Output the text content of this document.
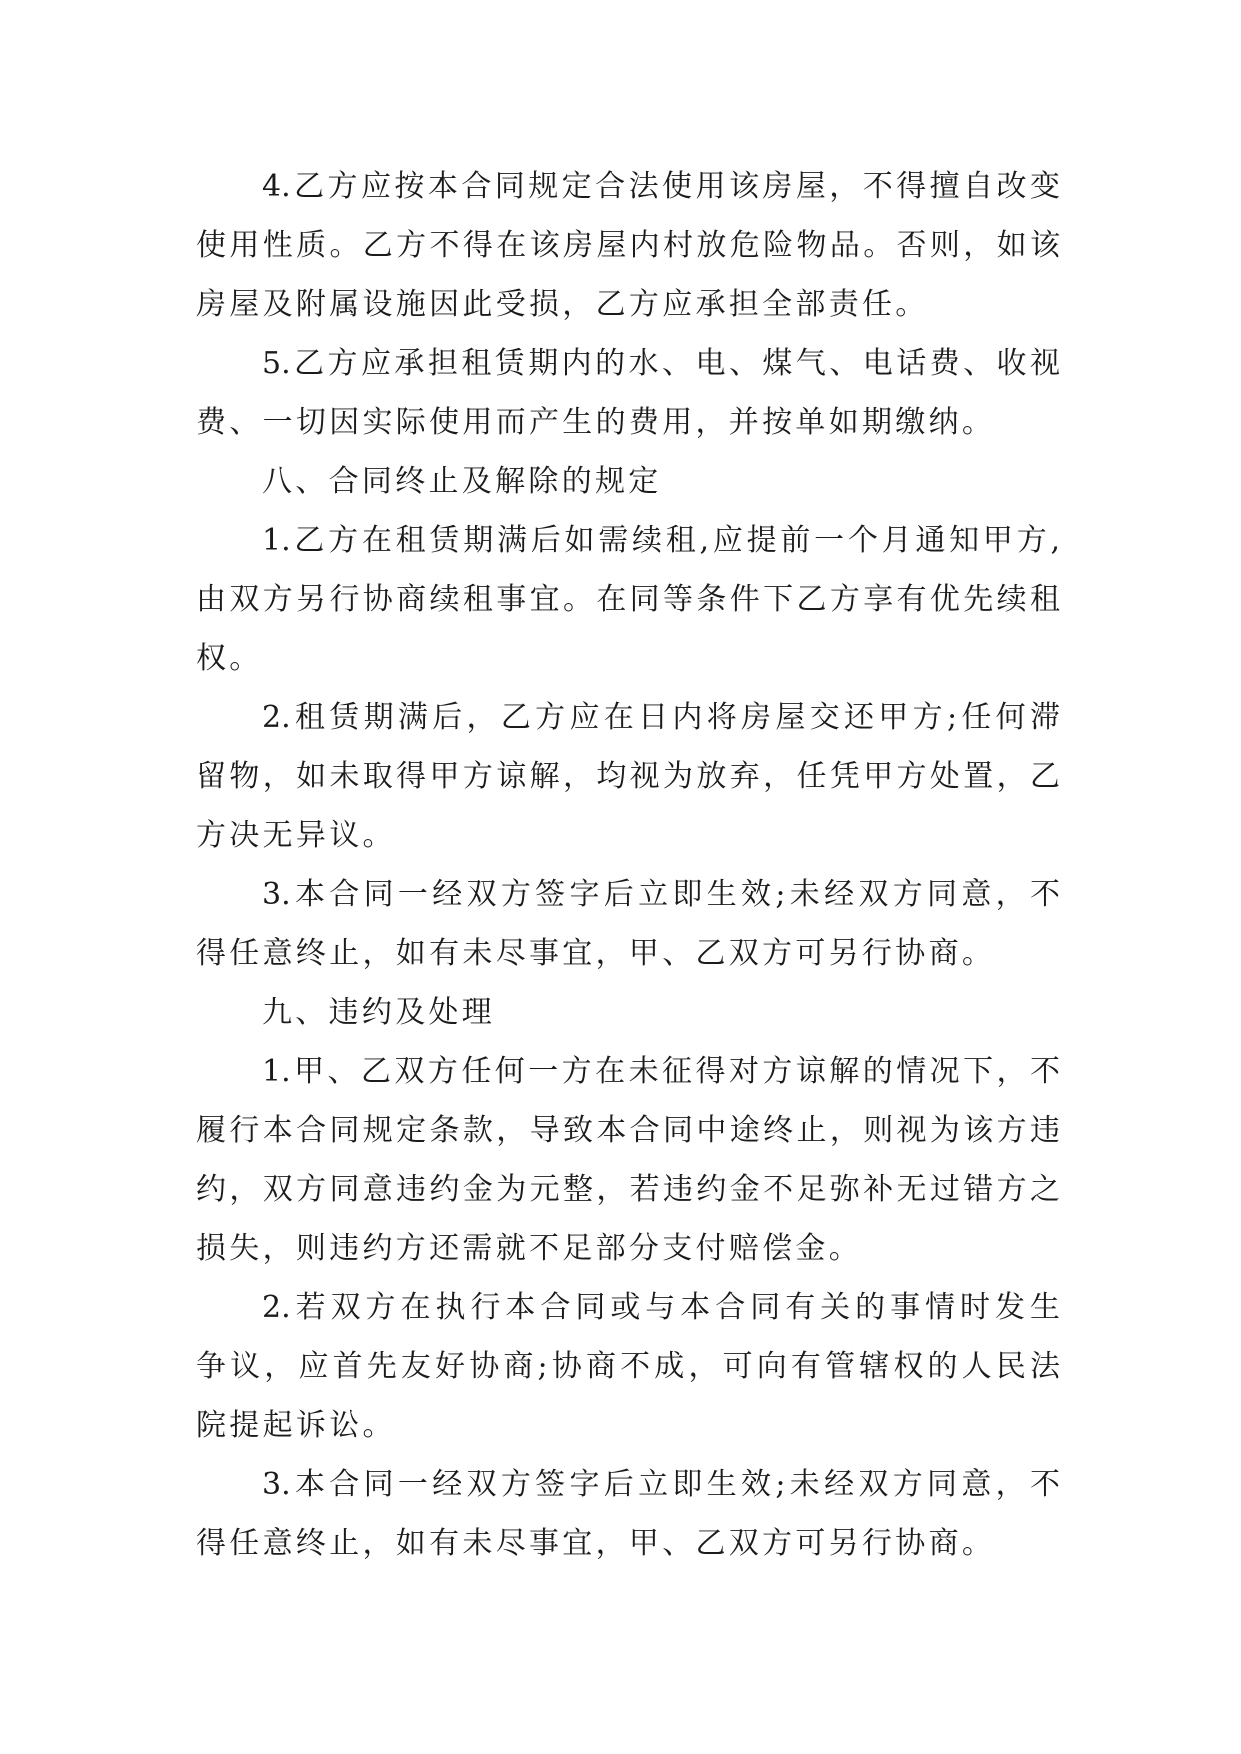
4.乙方应按本合同规定合法使用该房屋，不得擅自改变
使用性质。乙方不得在该房屋内村放危险物品。否则，如该
房屋及附属设施因此受损，乙方应承担全部责任。
5.乙方应承担租赁期内的水、电、煤气、电话费、收视
费、一切因实际使用而产生的费用，并按单如期缴纳。
八、合同终止及解除的规定
1.乙方在租赁期满后如需续租,应提前一个月通知甲方,
由双方另行协商续租事宜。在同等条件下乙方享有优先续租
权。
2.租赁期满后，乙方应在日内将房屋交还甲方;任何滞
留物，如未取得甲方谅解，均视为放弃，任凭甲方处置，乙
方决无异议。
3.本合同一经双方签字后立即生效;未经双方同意，不
得任意终止，如有未尽事宜，甲、乙双方可另行协商。
九、违约及处理
1.甲、乙双方任何一方在未征得对方谅解的情况下，不
履行本合同规定条款，导致本合同中途终止，则视为该方违
约，双方同意违约金为元整，若违约金不足弥补无过错方之
损失，则违约方还需就不足部分支付赔偿金。
2.若双方在执行本合同或与本合同有关的事情时发生
争议，应首先友好协商;协商不成，可向有管辖权的人民法
院提起诉讼。
3.本合同一经双方签字后立即生效;未经双方同意，不
得任意终止，如有未尽事宜，甲、乙双方可另行协商。
